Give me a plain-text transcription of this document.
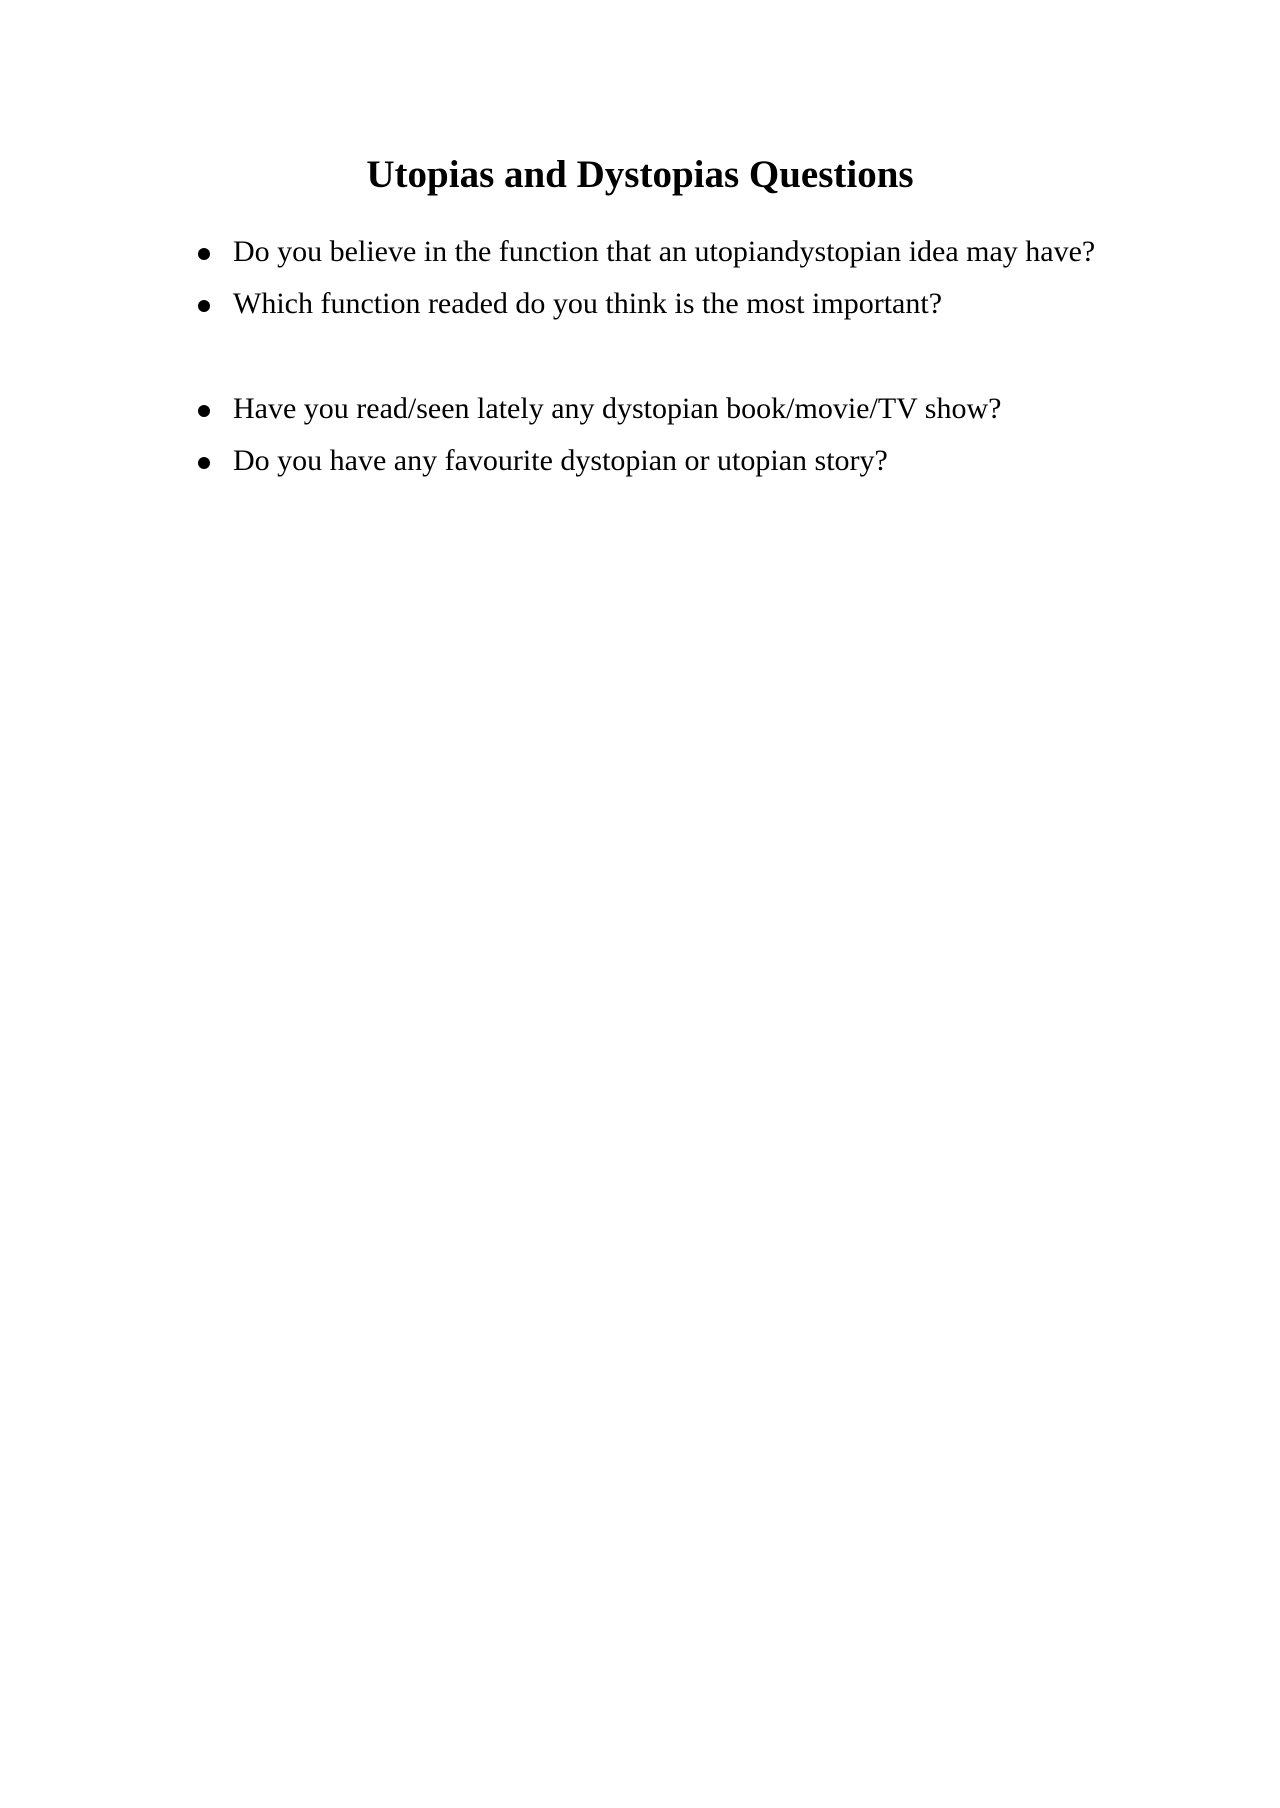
Utopias and Dystopias Questions
Do you believe in the function that an utopiandystopian idea may have?
Which function readed do you think is the most important?
Have you read/seen lately any dystopian book/movie/TV show?
Do you have any favourite dystopian or utopian story?
